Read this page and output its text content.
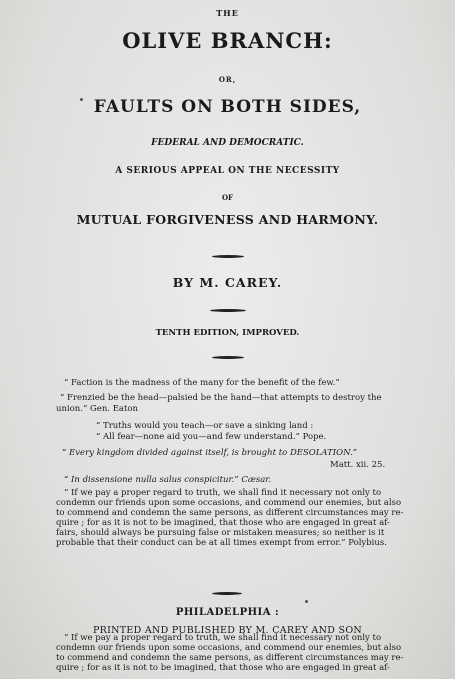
THE
OLIVE BRANCH:
OR,
FAULTS ON BOTH SIDES,
FEDERAL AND DEMOCRATIC.
A SERIOUS APPEAL ON THE NECESSITY
OF
MUTUAL FORGIVENESS AND HARMONY.
BY M. CAREY.
TENTH EDITION, IMPROVED.
“ Faction is the madness of the many for the benefit of the few.”
“ Frenzied be the head—palsied be the hand—that attempts to destroy the
union.” Gen. Eaton
“ Truths would you teach—or save a sinking land :
“ All fear—none aid you—and few understand.” Pope.
“ Every kingdom divided against itself, is brought to DESOLATION.”
Matt. xii. 25.
“ In dissensione nulla salus conspicitur.” Cæsar.
“ If we pay a proper regard to truth, we shall find it necessary not only to
condemn our friends upon some occasions, and commend our enemies, but also
to commend and condemn the same persons, as different circumstances may re-
quire ; for as it is not to be imagined, that those who are engaged in great af-
fairs, should always be pursuing false or mistaken measures; so neither is it
probable that their conduct can be at all times exempt from error.” Polybius.
PHILADELPHIA :
PRINTED AND PUBLISHED BY M. CAREY AND SON
“ If we pay a proper regard to truth, we shall find it necessary not only to
condemn our friends upon some occasions, and commend our enemies, but also
to commend and condemn the same persons, as different circumstances may re-
quire ; for as it is not to be imagined, that those who are engaged in great af-
